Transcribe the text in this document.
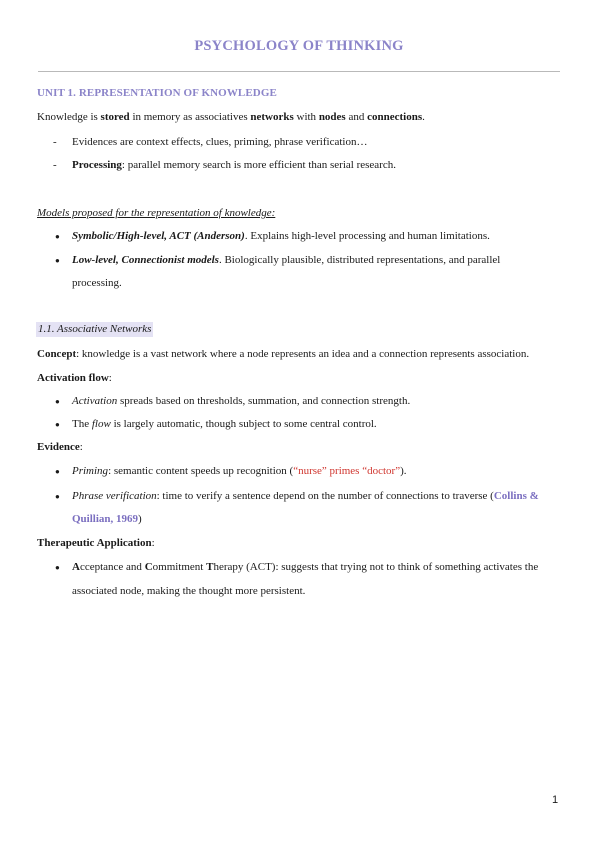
PSYCHOLOGY OF THINKING

UNIT 1. REPRESENTATION OF KNOWLEDGE

Knowledge is stored in memory as associatives networks with nodes and connections.

- Evidences are context effects, clues, priming, phrase verification…

- Processing: parallel memory search is more efficient than serial research.

Models proposed for the representation of knowledge:

● Symbolic/High-level, ACT (Anderson). Explains high-level processing and human limitations.

● Low-level, Connectionist models. Biologically plausible, distributed representations, and parallel

processing.

1.1. Associative Networks

Concept: knowledge is a vast network where a node represents an idea and a connection represents association.

Activation flow:

● Activation spreads based on thresholds, summation, and connection strength.

● The flow is largely automatic, though subject to some central control.

Evidence:

● Priming: semantic content speeds up recognition (“nurse” primes “doctor”).

● Phrase verification: time to verify a sentence depend on the number of connections to traverse (Collins &

Quillian, 1969)

Therapeutic Application:

● Acceptance and Commitment Therapy (ACT): suggests that trying not to think of something activates the

associated node, making the thought more persistent.

1
